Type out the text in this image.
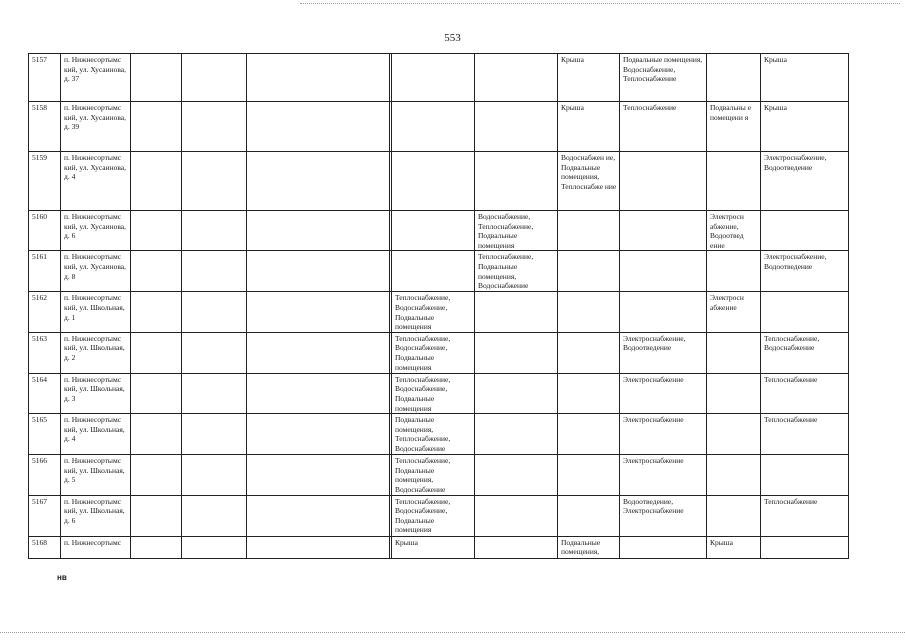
553
5157	п. Нижнесортымс кий, ул. Хусаинова, д. 37							Крыша	Подвальные помещения, Водоснабжение, Теплоснабжение		Крыша
5158	п. Нижнесортымс кий, ул. Хусаинова, д. 39							Крыша	Теплоснабжение	Подвальны е помещени я	Крыша
5159	п. Нижнесортымс кий, ул. Хусаинова, д. 4							Водоснабжен ие, Подвальные помещения, Теплоснабже ние			Электроснабжение, Водоотведение
5160	п. Нижнесортымс кий, ул. Хусаинова, д. 6						Водоснабжение, Теплоснабжение, Подвальные помещения			Электросн абжение, Водоотвед ение	
5161	п. Нижнесортымс кий, ул. Хусаинова, д. 8						Теплоснабжение, Подвальные помещения, Водоснабжение				Электроснабжение, Водоотведение
5162	п. Нижнесортымс кий, ул. Школьная, д. 1					Теплоснабжение, Водоснабжение, Подвальные помещения				Электросн абжение	
5163	п. Нижнесортымс кий, ул. Школьная, д. 2					Теплоснабжение, Водоснабжение, Подвальные помещения			Электроснабжение, Водоотведение		Теплоснабжение, Водоснабжение
5164	п. Нижнесортымс кий, ул. Школьная, д. 3					Теплоснабжение, Водоснабжение, Подвальные помещения			Электроснабжение		Теплоснабжение
5165	п. Нижнесортымс кий, ул. Школьная, д. 4					Подвальные помещения, Теплоснабжение, Водоснабжение			Электроснабжение		Теплоснабжение
5166	п. Нижнесортымс кий, ул. Школьная, д. 5					Теплоснабжение, Подвальные помещения, Водоснабжение			Электроснабжение		
5167	п. Нижнесортымс кий, ул. Школьная, д. 6					Теплоснабжение, Водоснабжение, Подвальные помещения			Водоотведение, Электроснабжение		Теплоснабжение
5168	п. Нижнесортымс					Крыша		Подвальные помещения,		Крыша	
нв
